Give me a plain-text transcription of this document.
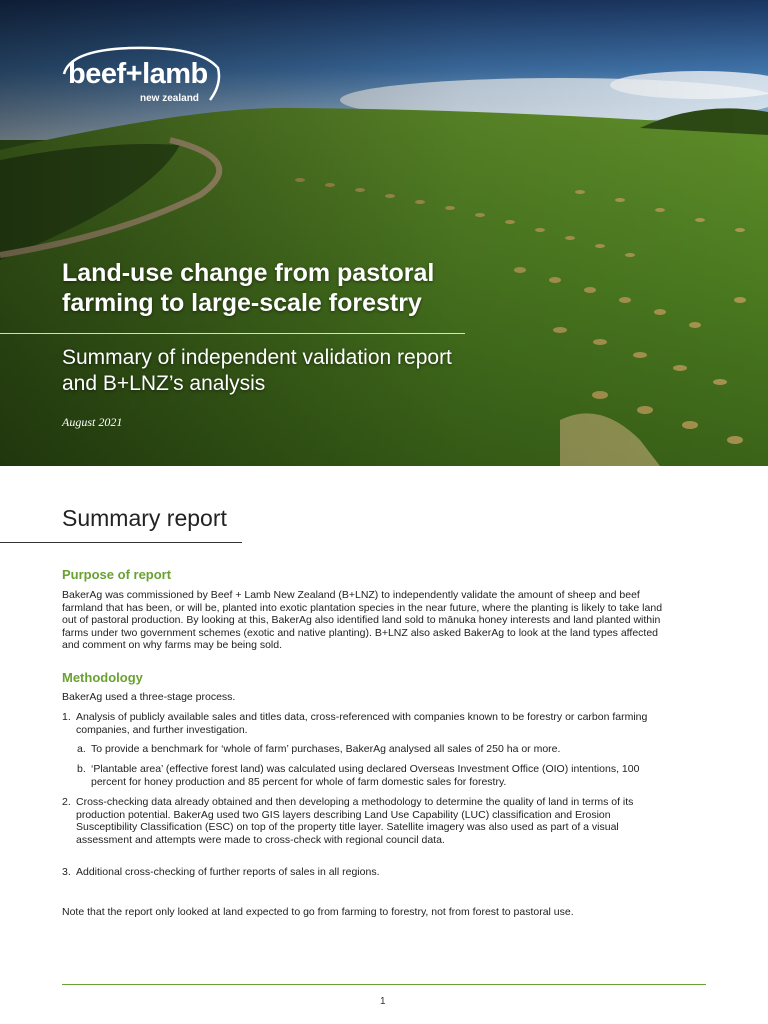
beef+lamb
new zealand
Land-use change from pastoral farming to large-scale forestry
Summary of independent validation report and B+LNZ’s analysis
August 2021
Summary report
Purpose of report

BakerAg was commissioned by Beef + Lamb New Zealand (B+LNZ) to independently validate the amount of sheep and beef farmland that has been, or will be, planted into exotic plantation species in the near future, where the planting is likely to take land out of pastoral production. By looking at this, BakerAg also identified land sold to mānuka honey interests and land planted within farms under two government schemes (exotic and native planting). B+LNZ also asked BakerAg to look at the land types affected and comment on why farms may be being sold.

Methodology

BakerAg used a three-stage process.

1. Analysis of publicly available sales and titles data, cross-referenced with companies known to be forestry or carbon farming companies, and further investigation.
a. To provide a benchmark for ‘whole of farm’ purchases, BakerAg analysed all sales of 250 ha or more.
b. ‘Plantable area’ (effective forest land) was calculated using declared Overseas Investment Office (OIO) intentions, 100 percent for honey production and 85 percent for whole of farm domestic sales for forestry.
2. Cross-checking data already obtained and then developing a methodology to determine the quality of land in terms of its production potential. BakerAg used two GIS layers describing Land Use Capability (LUC) classification and Erosion Susceptibility Classification (ESC) on top of the property title layer. Satellite imagery was also used as part of a visual assessment and attempts were made to cross-check with regional council data.
3. Additional cross-checking of further reports of sales in all regions.

Note that the report only looked at land expected to go from farming to forestry, not from forest to pastoral use.

1
